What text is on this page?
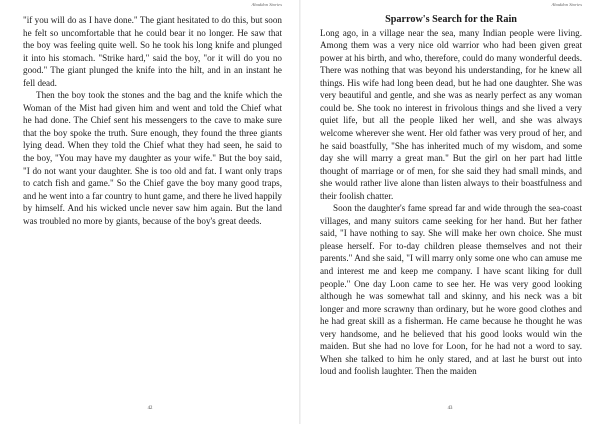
Abaddon Stories

"if you will do as I have done." The giant hesitated to do this, but soon he felt so uncomfortable that he could bear it no longer. He saw that the boy was feeling quite well. So he took his long knife and plunged it into his stomach. "Strike hard," said the boy, "or it will do you no good." The giant plunged the knife into the hilt, and in an instant he fell dead.

Then the boy took the stones and the bag and the knife which the Woman of the Mist had given him and went and told the Chief what he had done. The Chief sent his messengers to the cave to make sure that the boy spoke the truth. Sure enough, they found the three giants lying dead. When they told the Chief what they had seen, he said to the boy, "You may have my daughter as your wife." But the boy said, "I do not want your daughter. She is too old and fat. I want only traps to catch fish and game." So the Chief gave the boy many good traps, and he went into a far country to hunt game, and there he lived happily by himself. And his wicked uncle never saw him again. But the land was troubled no more by giants, because of the boy's great deeds.

42
Abaddon Stories
Sparrow's Search for the Rain

Long ago, in a village near the sea, many Indian people were living. Among them was a very nice old warrior who had been given great power at his birth, and who, therefore, could do many wonderful deeds. There was nothing that was beyond his understanding, for he knew all things. His wife had long been dead, but he had one daughter. She was very beautiful and gentle, and she was as nearly perfect as any woman could be. She took no interest in frivolous things and she lived a very quiet life, but all the people liked her well, and she was always welcome wherever she went. Her old father was very proud of her, and he said boastfully, "She has inherited much of my wisdom, and some day she will marry a great man." But the girl on her part had little thought of marriage or of men, for she said they had small minds, and she would rather live alone than listen always to their boastfulness and their foolish chatter.

Soon the daughter's fame spread far and wide through the sea-coast villages, and many suitors came seeking for her hand. But her father said, "I have nothing to say. She will make her own choice. She must please herself. For to-day children please themselves and not their parents." And she said, "I will marry only some one who can amuse me and interest me and keep me company. I have scant liking for dull people." One day Loon came to see her. He was very good looking although he was somewhat tall and skinny, and his neck was a bit longer and more scrawny than ordinary, but he wore good clothes and he had great skill as a fisherman. He came because he thought he was very handsome, and he believed that his good looks would win the maiden. But she had no love for Loon, for he had not a word to say. When she talked to him he only stared, and at last he burst out into loud and foolish laughter. Then the maiden

43
